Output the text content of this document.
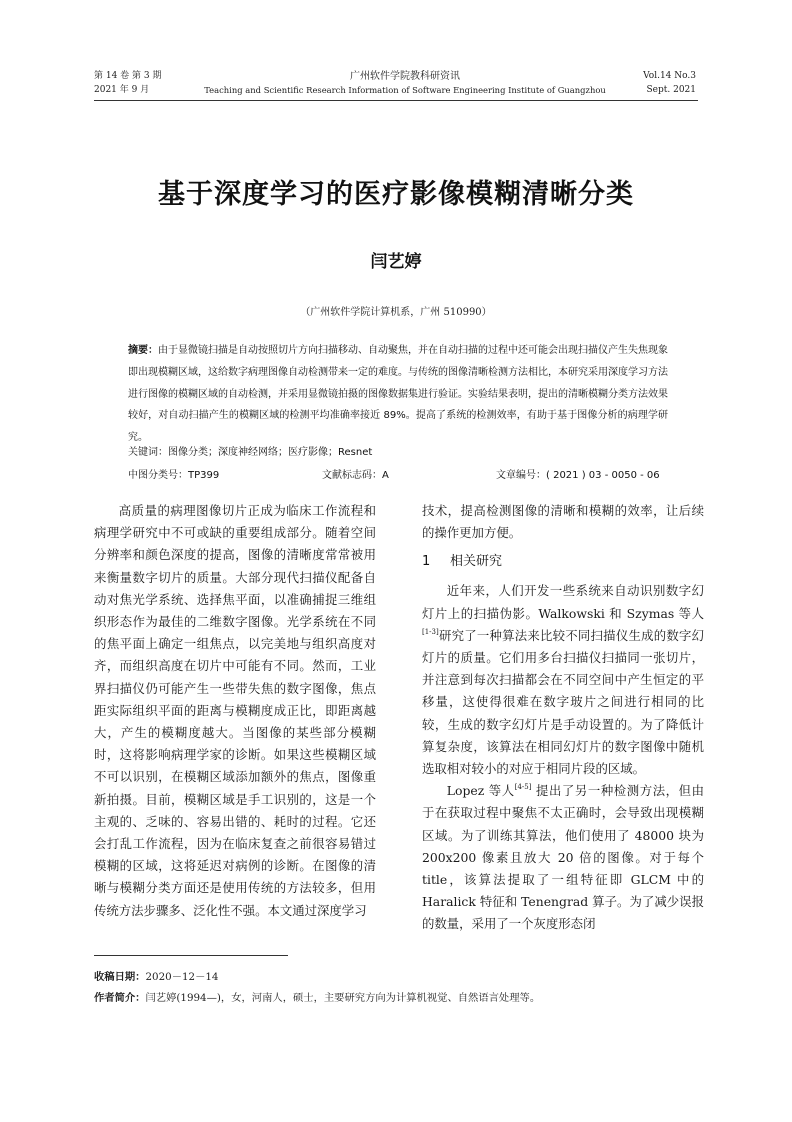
第 14 卷 第 3 期
2021 年 9 月
广州软件学院教科研资讯
Teaching and Scientific Research Information of Software Engineering Institute of Guangzhou
Vol.14 No.3
Sept. 2021
基于深度学习的医疗影像模糊清晰分类
闫艺婷
（广州软件学院计算机系，广州 510990）
摘要：由于显微镜扫描是自动按照切片方向扫描移动、自动聚焦，并在自动扫描的过程中还可能会出现扫描仪产生失焦现象即出现模糊区域，这给数字病理图像自动检测带来一定的难度。与传统的图像清晰检测方法相比，本研究采用深度学习方法进行图像的模糊区域的自动检测，并采用显微镜拍摄的图像数据集进行验证。实验结果表明，提出的清晰模糊分类方法效果较好，对自动扫描产生的模糊区域的检测平均准确率接近 89%。提高了系统的检测效率，有助于基于图像分析的病理学研究。
关键词：图像分类；深度神经网络；医疗影像；Resnet
中图分类号：TP399	文献标志码：A	文章编号：( 2021 ) 03 - 0050 - 06

高质量的病理图像切片正成为临床工作流程和病理学研究中不可或缺的重要组成部分。随着空间分辨率和颜色深度的提高，图像的清晰度常常被用来衡量数字切片的质量。大部分现代扫描仪配备自动对焦光学系统、选择焦平面，以准确捕捉三维组织形态作为最佳的二维数字图像。光学系统在不同的焦平面上确定一组焦点，以完美地与组织高度对齐，而组织高度在切片中可能有不同。然而，工业界扫描仪仍可能产生一些带失焦的数字图像，焦点距实际组织平面的距离与模糊度成正比，即距离越大，产生的模糊度越大。当图像的某些部分模糊时，这将影响病理学家的诊断。如果这些模糊区域不可以识别，在模糊区域添加额外的焦点，图像重新拍摄。目前，模糊区域是手工识别的，这是一个主观的、乏味的、容易出错的、耗时的过程。它还会打乱工作流程，因为在临床复查之前很容易错过模糊的区域，这将延迟对病例的诊断。在图像的清晰与模糊分类方面还是使用传统的方法较多，但用传统方法步骤多、泛化性不强。本文通过深度学习

技术，提高检测图像的清晰和模糊的效率，让后续的操作更加方便。

1 相关研究

近年来，人们开发一些系统来自动识别数字幻灯片上的扫描伪影。Walkowski 和 Szymas 等人[1-3]研究了一种算法来比较不同扫描仪生成的数字幻灯片的质量。它们用多台扫描仪扫描同一张切片，并注意到每次扫描都会在不同空间中产生恒定的平移量，这使得很难在数字玻片之间进行相同的比较，生成的数字幻灯片是手动设置的。为了降低计算复杂度，该算法在相同幻灯片的数字图像中随机选取相对较小的对应于相同片段的区域。

Lopez 等人[4-5] 提出了另一种检测方法，但由于在获取过程中聚焦不太正确时，会导致出现模糊区域。为了训练其算法，他们使用了 48000 块为 200x200 像素且放大 20 倍的图像。对于每个 title，该算法提取了一组特征即 GLCM 中的 Haralick 特征和 Tenengrad 算子。为了减少误报的数量，采用了一个灰度形态闭

收稿日期：2020－12－14
作者简介：闫艺婷(1994—)，女，河南人，硕士，主要研究方向为计算机视觉、自然语言处理等。
